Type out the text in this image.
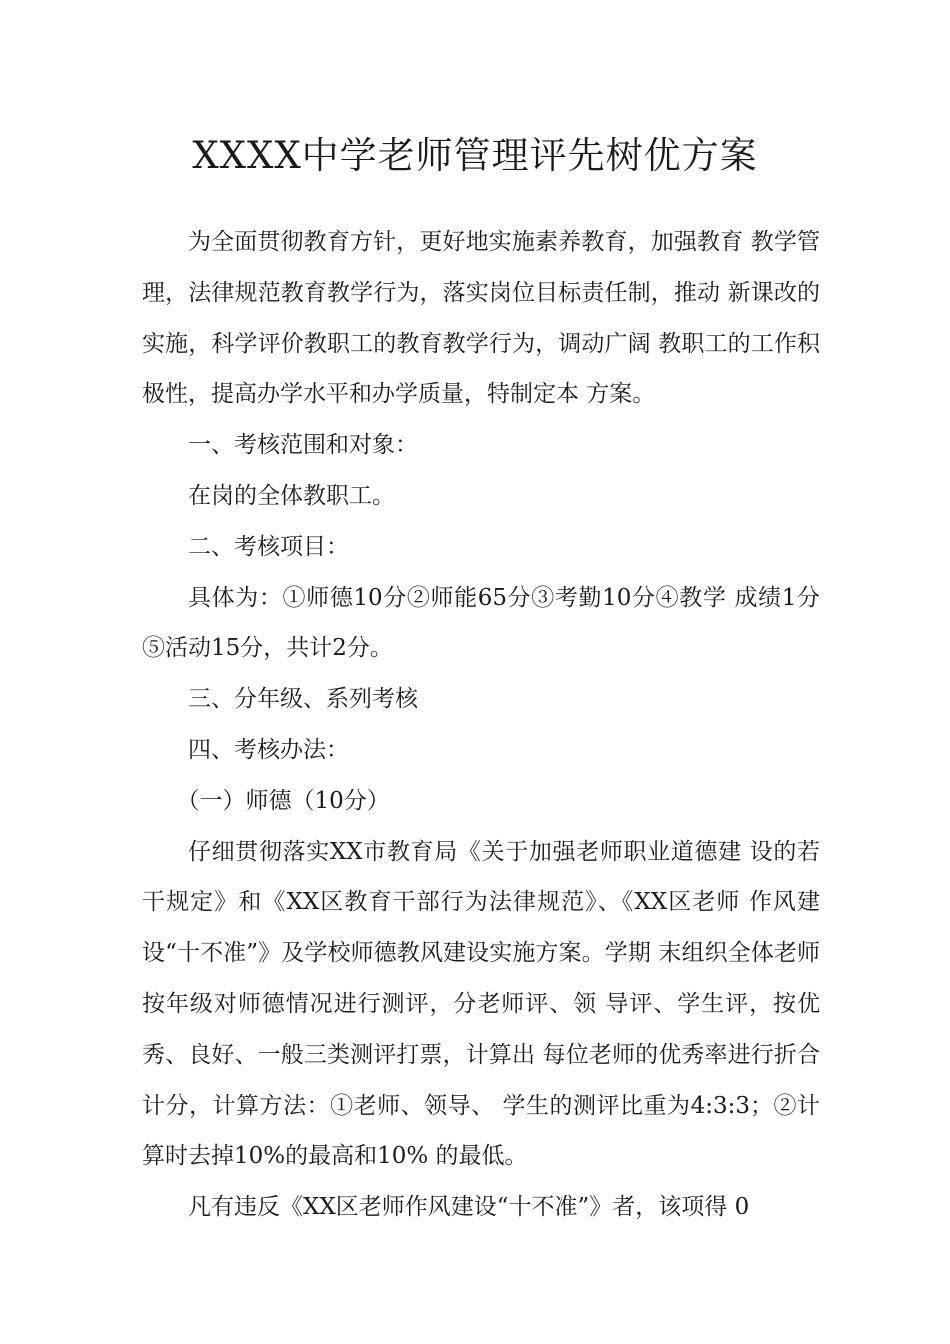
XXXX中学老师管理评先树优方案

为全面贯彻教育方针，更好地实施素养教育，加强教育 教学管理，法律规范教育教学行为，落实岗位目标责任制，推动 新课改的实施，科学评价教职工的教育教学行为，调动广阔 教职工的工作积极性，提高办学水平和办学质量，特制定本 方案。

一、考核范围和对象：

在岗的全体教职工。

二、考核项目：

具体为：①师德10分②师能65分③考勤10分④教学 成绩1分⑤活动15分，共计2分。

三、分年级、系列考核

四、考核办法：

（一）师德（10分）

仔细贯彻落实XX市教育局《关于加强老师职业道德建 设的若干规定》和《XX区教育干部行为法律规范》、《XX区老师 作风建设“十不准”》及学校师德教风建设实施方案。学期 末组织全体老师按年级对师德情况进行测评，分老师评、领 导评、学生评，按优秀、良好、一般三类测评打票，计算出 每位老师的优秀率进行折合计分，计算方法：①老师、领导、 学生的测评比重为4:3:3；②计算时去掉10%的最高和10% 的最低。

凡有违反《XX区老师作风建设“十不准”》者，该项得 0
